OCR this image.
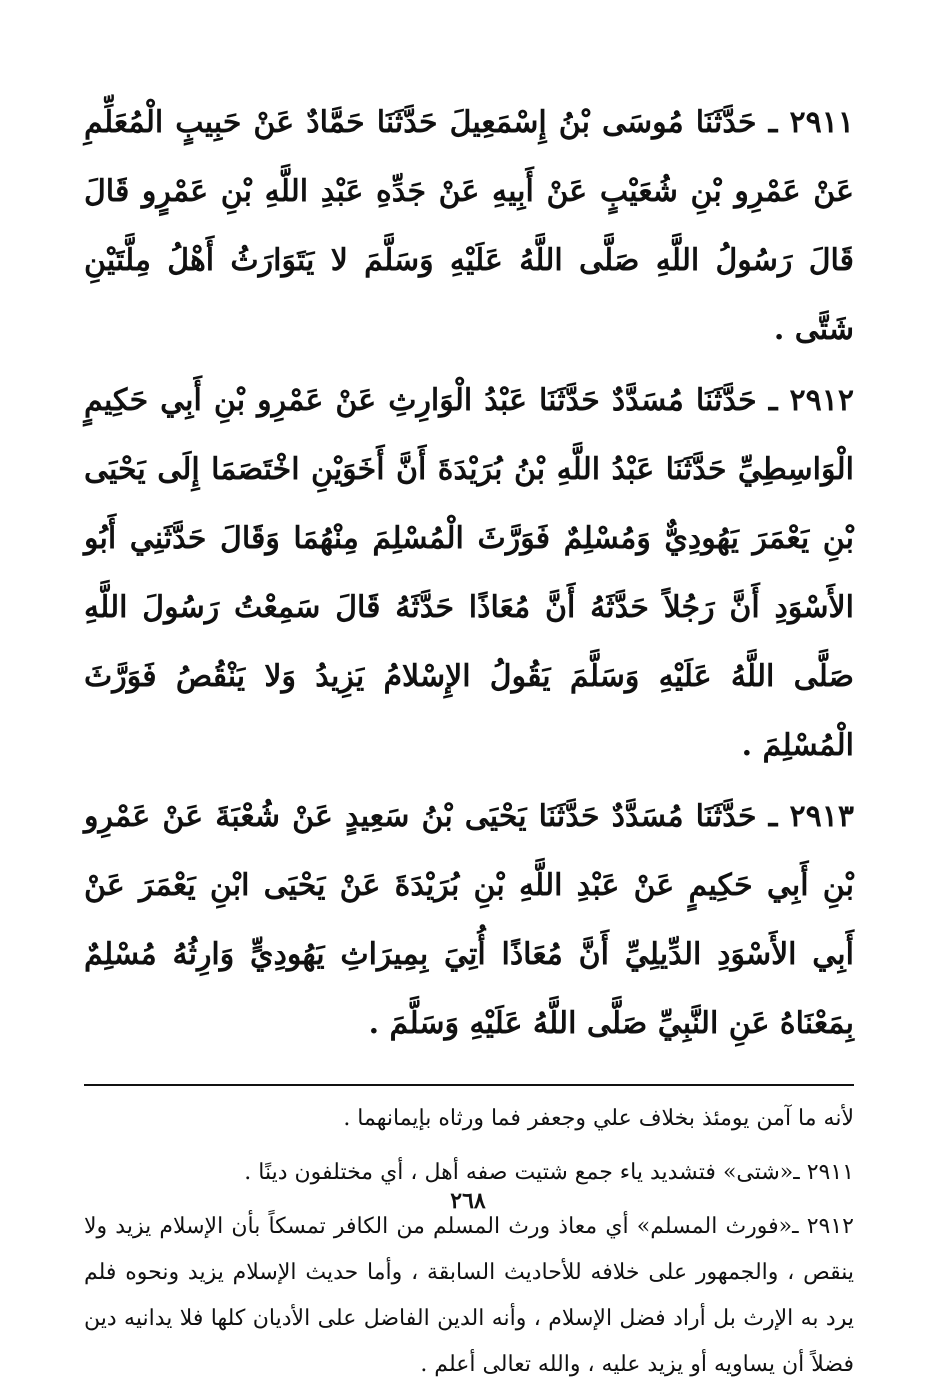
٢٩١١ ـ حَدَّثَنَا مُوسَى بْنُ إِسْمَعِيلَ حَدَّثَنَا حَمَّادٌ عَنْ حَبِيبٍ الْمُعَلِّمِ عَنْ عَمْرِو بْنِ شُعَيْبٍ عَنْ أَبِيهِ عَنْ جَدِّهِ عَبْدِ اللَّهِ بْنِ عَمْرٍو قَالَ قَالَ رَسُولُ اللَّهِ صَلَّى اللَّهُ عَلَيْهِ وَسَلَّمَ لا يَتَوَارَثُ أَهْلُ مِلَّتَيْنِ شَتَّى .

٢٩١٢ ـ حَدَّثَنَا مُسَدَّدٌ حَدَّثَنَا عَبْدُ الْوَارِثِ عَنْ عَمْرِو بْنِ أَبِي حَكِيمٍ الْوَاسِطِيِّ حَدَّثَنَا عَبْدُ اللَّهِ بْنُ بُرَيْدَةَ أَنَّ أَخَوَيْنِ اخْتَصَمَا إِلَى يَحْيَى بْنِ يَعْمَرَ يَهُودِيٌّ وَمُسْلِمٌ فَوَرَّثَ الْمُسْلِمَ مِنْهُمَا وَقَالَ حَدَّثَنِي أَبُو الأَسْوَدِ أَنَّ رَجُلاً حَدَّثَهُ أَنَّ مُعَاذًا حَدَّثَهُ قَالَ سَمِعْتُ رَسُولَ اللَّهِ صَلَّى اللَّهُ عَلَيْهِ وَسَلَّمَ يَقُولُ الإِسْلامُ يَزِيدُ وَلا يَنْقُصُ فَوَرَّثَ الْمُسْلِمَ .

٢٩١٣ ـ حَدَّثَنَا مُسَدَّدٌ حَدَّثَنَا يَحْيَى بْنُ سَعِيدٍ عَنْ شُعْبَةَ عَنْ عَمْرِو بْنِ أَبِي حَكِيمٍ عَنْ عَبْدِ اللَّهِ بْنِ بُرَيْدَةَ عَنْ يَحْيَى ابْنِ يَعْمَرَ عَنْ أَبِي الأَسْوَدِ الدِّيلِيِّ أَنَّ مُعَاذًا أُتِيَ بِمِيرَاثِ يَهُودِيٍّ وَارِثُهُ مُسْلِمٌ بِمَعْنَاهُ عَنِ النَّبِيِّ صَلَّى اللَّهُ عَلَيْهِ وَسَلَّمَ .

لأنه ما آمن يومئذ بخلاف علي وجعفر فما ورثاه بإيمانهما .

٢٩١١ ـ«شتى» فتشديد ياء جمع شتيت صفه أهل ، أي مختلفون دينًا .

٢٩١٢ ـ«فورث المسلم» أي معاذ ورث المسلم من الكافر تمسكاً بأن الإسلام يزيد ولا ينقص ، والجمهور على خلافه للأحاديث السابقة ، وأما حديث الإسلام يزيد ونحوه فلم يرد به الإرث بل أراد فضل الإسلام ، وأنه الدين الفاضل على الأديان كلها فلا يدانيه دين فضلاً أن يساويه أو يزيد عليه ، والله تعالى أعلم .

٢٦٨
